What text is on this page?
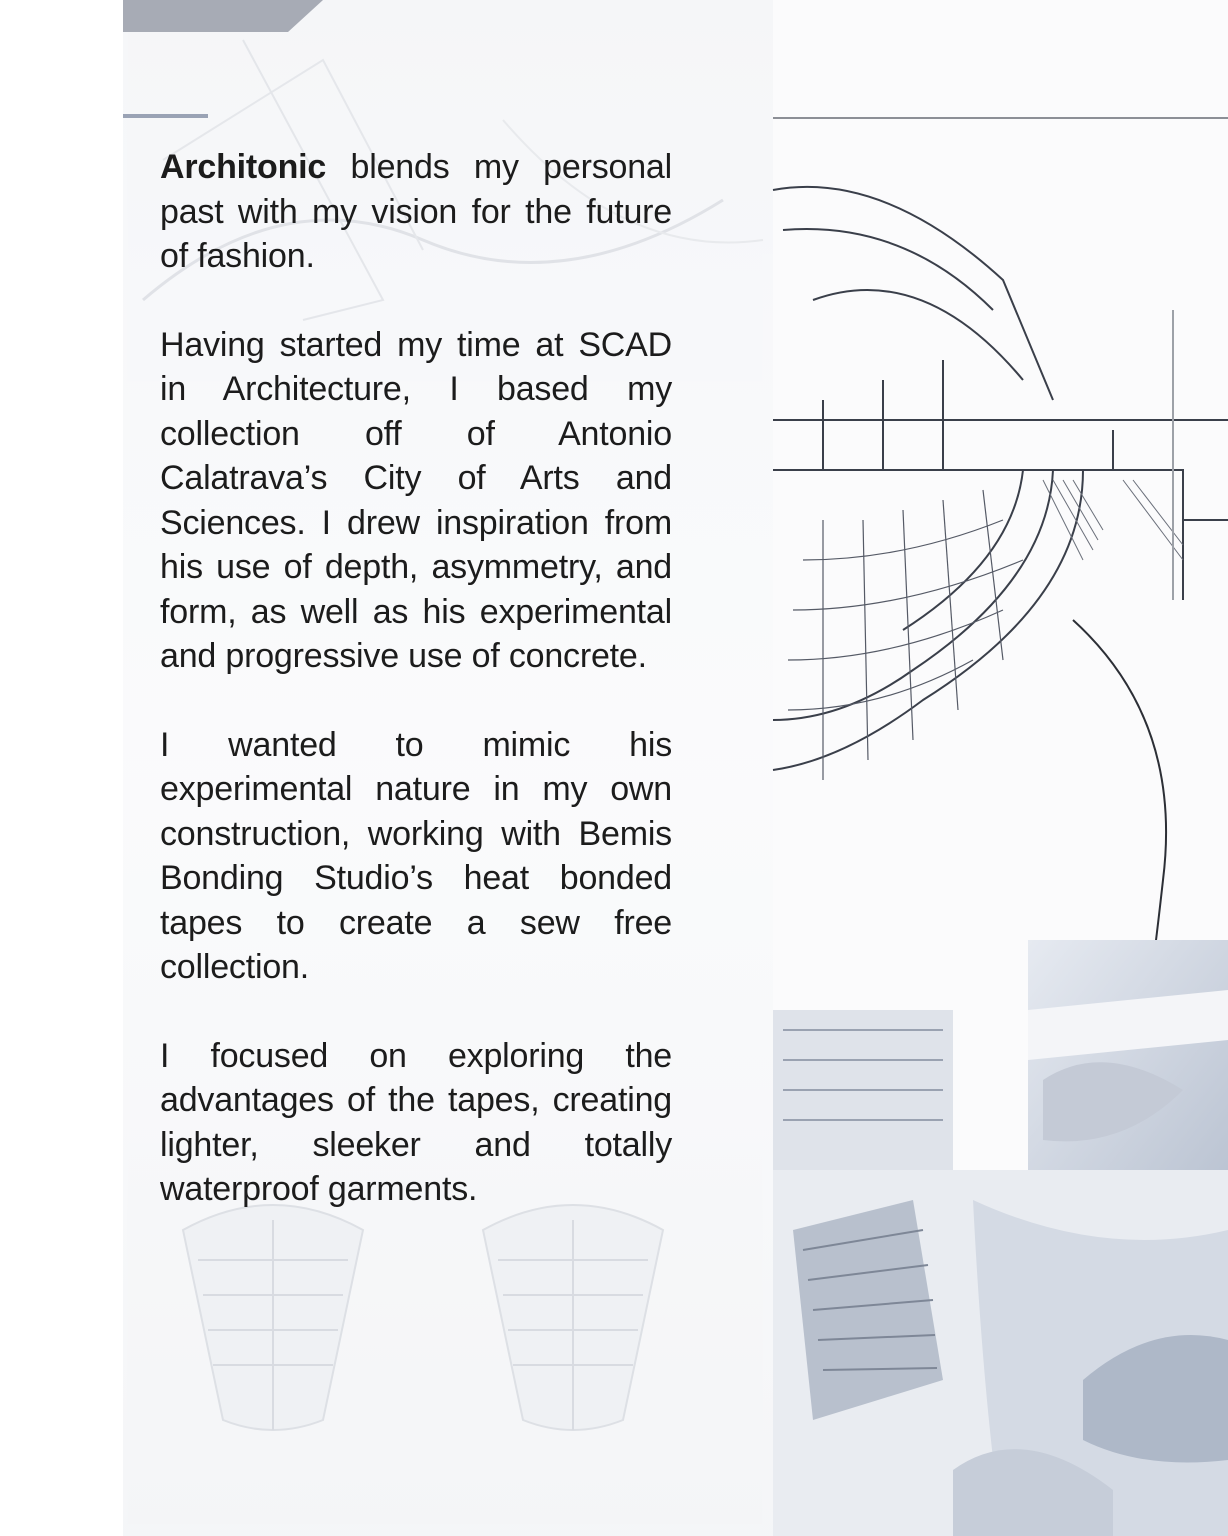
Architonic blends my personal past with my vision for the future of fashion.

Having started my time at SCAD in Architecture, I based my collection off of Antonio Calatrava’s City of Arts and Sciences. I drew inspiration from his use of depth, asymmetry, and form, as well as his experimental and progressive use of concrete.

I wanted to mimic his experimental nature in my own construction, working with Bemis Bonding Studio’s heat bonded tapes to create a sew free collection.

I focused on exploring the advantages of the tapes, creating lighter, sleeker and totally waterproof garments.
